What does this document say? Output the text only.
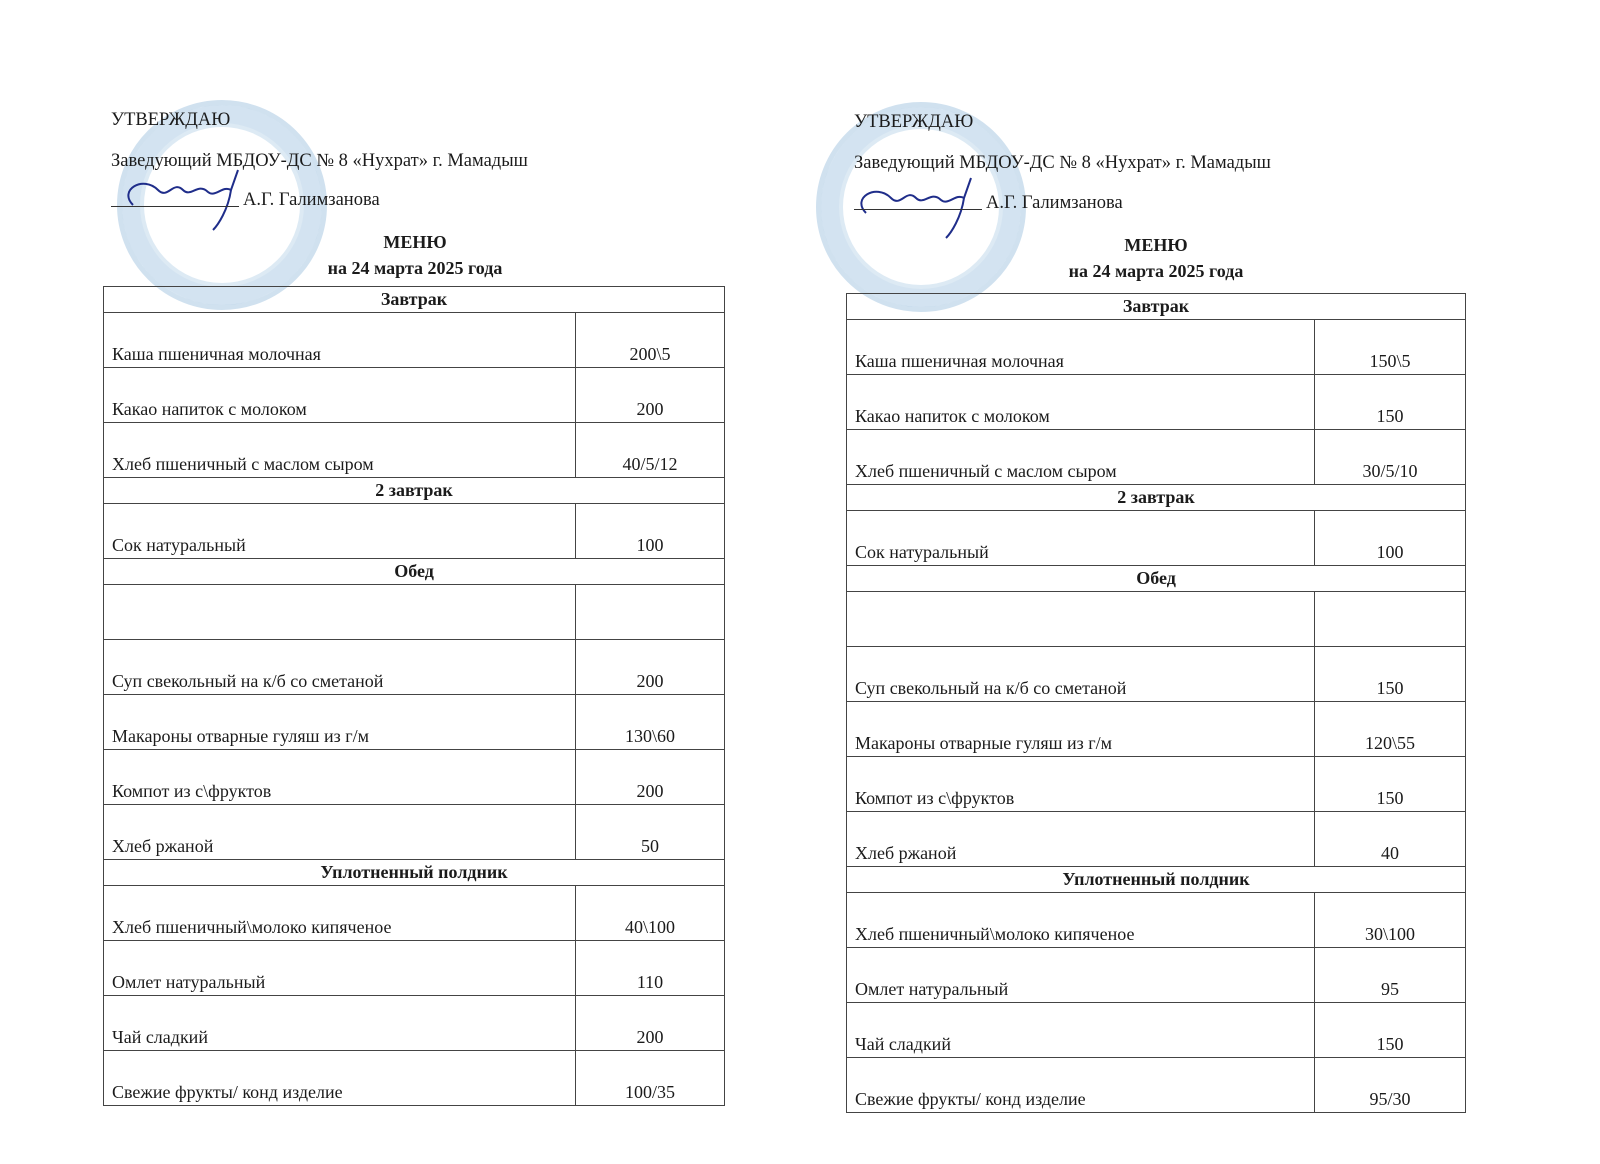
УТВЕРЖДАЮ
Заведующий МБДОУ-ДС № 8 «Нухрат» г. Мамадыш
А.Г. Галимзанова
МЕНЮ
на 24 марта 2025 года
Завтрак	
Каша пшеничная молочная	200\5
Какао напиток с молоком	200
Хлеб пшеничный с маслом сыром	40/5/12
2 завтрак	
Сок натуральный	100
Обед	

Суп свекольный на к/б со сметаной	200
Макароны отварные гуляш из г/м	130\60
Компот из с\фруктов	200
Хлеб ржаной	50
Уплотненный полдник	
Хлеб пшеничный\молоко кипяченое	40\100
Омлет натуральный	110
Чай сладкий	200
Свежие фрукты/ конд изделие	100/35
УТВЕРЖДАЮ
Заведующий МБДОУ-ДС № 8 «Нухрат» г. Мамадыш
А.Г. Галимзанова
МЕНЮ
на 24 марта 2025 года
Завтрак	
Каша пшеничная молочная	150\5
Какао напиток с молоком	150
Хлеб пшеничный с маслом сыром	30/5/10
2 завтрак	
Сок натуральный	100
Обед	

Суп свекольный на к/б со сметаной	150
Макароны отварные гуляш из г/м	120\55
Компот из с\фруктов	150
Хлеб ржаной	40
Уплотненный полдник	
Хлеб пшеничный\молоко кипяченое	30\100
Омлет натуральный	95
Чай сладкий	150
Свежие фрукты/ конд изделие	95/30
